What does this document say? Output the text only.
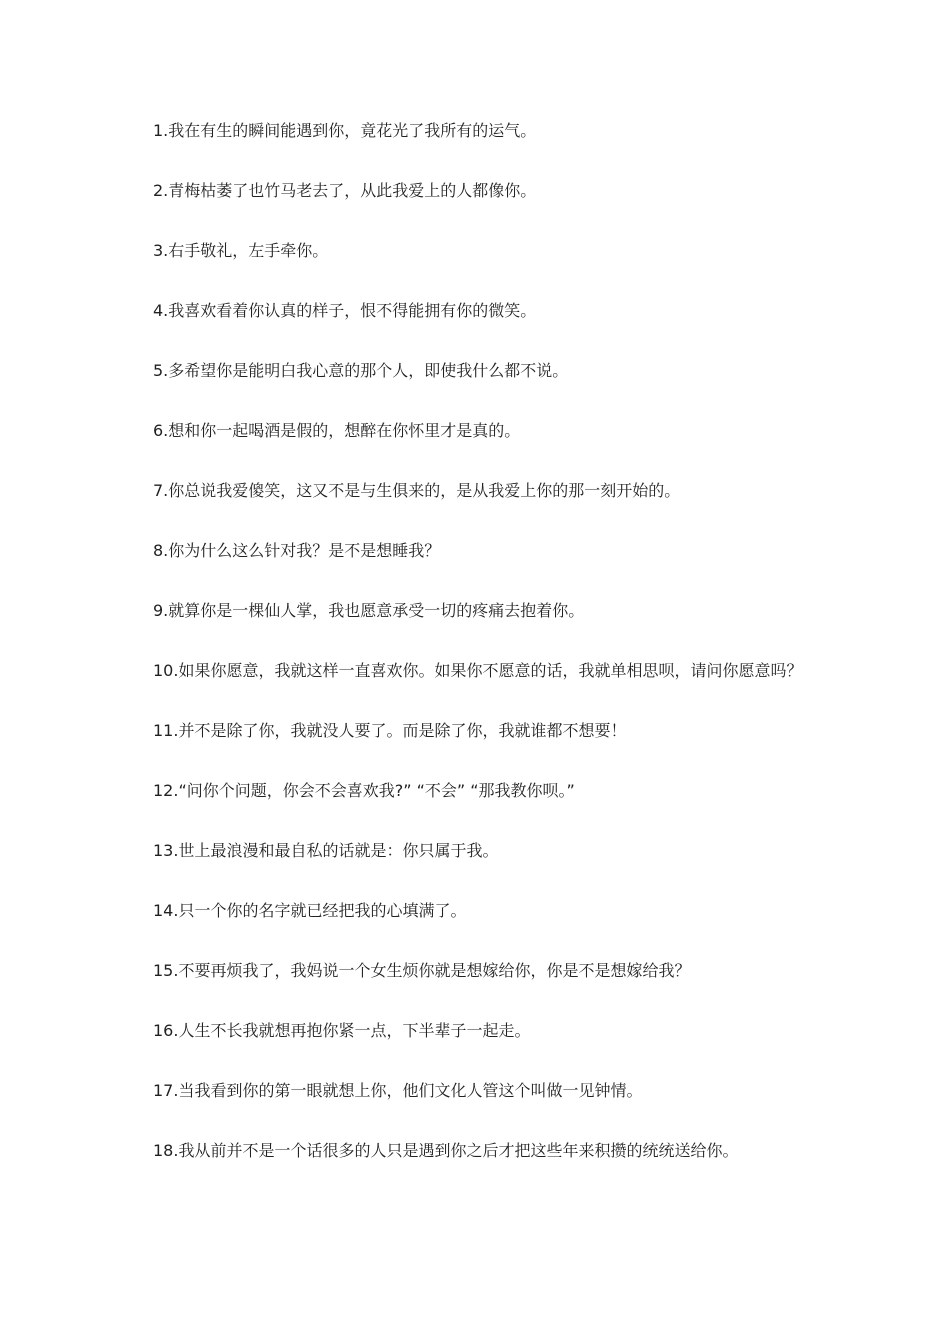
1.我在有生的瞬间能遇到你，竟花光了我所有的运气。

2.青梅枯萎了也竹马老去了，从此我爱上的人都像你。

3.右手敬礼，左手牵你。

4.我喜欢看着你认真的样子，恨不得能拥有你的微笑。

5.多希望你是能明白我心意的那个人，即使我什么都不说。

6.想和你一起喝酒是假的，想醉在你怀里才是真的。

7.你总说我爱傻笑，这又不是与生俱来的，是从我爱上你的那一刻开始的。

8.你为什么这么针对我？是不是想睡我？

9.就算你是一棵仙人掌，我也愿意承受一切的疼痛去抱着你。

10.如果你愿意，我就这样一直喜欢你。如果你不愿意的话，我就单相思呗，请问你愿意吗？

11.并不是除了你，我就没人要了。而是除了你，我就谁都不想要！

12.“问你个问题，你会不会喜欢我?” “不会” “那我教你呗。”

13.世上最浪漫和最自私的话就是：你只属于我。

14.只一个你的名字就已经把我的心填满了。

15.不要再烦我了，我妈说一个女生烦你就是想嫁给你，你是不是想嫁给我？

16.人生不长我就想再抱你紧一点，下半辈子一起走。

17.当我看到你的第一眼就想上你，他们文化人管这个叫做一见钟情。

18.我从前并不是一个话很多的人只是遇到你之后才把这些年来积攒的统统送给你。
